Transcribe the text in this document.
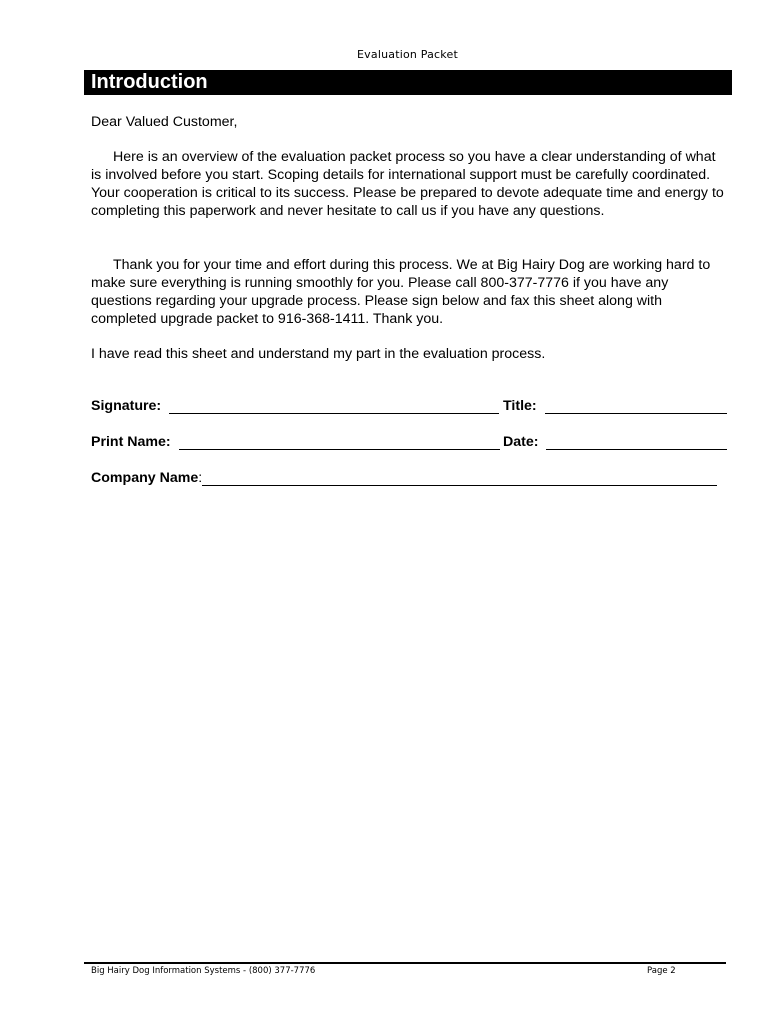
Evaluation Packet
Introduction

Dear Valued Customer,

Here is an overview of the evaluation packet process so you have a clear understanding of what is involved before you start. Scoping details for international support must be carefully coordinated. Your cooperation is critical to its success. Please be prepared to devote adequate time and energy to completing this paperwork and never hesitate to call us if you have any questions.

Thank you for your time and effort during this process. We at Big Hairy Dog are working hard to make sure everything is running smoothly for you. Please call 800-377-7776 if you have any questions regarding your upgrade process. Please sign below and fax this sheet along with completed upgrade packet to 916-368-1411. Thank you.

I have read this sheet and understand my part in the evaluation process.

Signature:	Title:
Print Name:	Date:
Company Name:
Big Hairy Dog Information Systems - (800) 377-7776	Page 2
